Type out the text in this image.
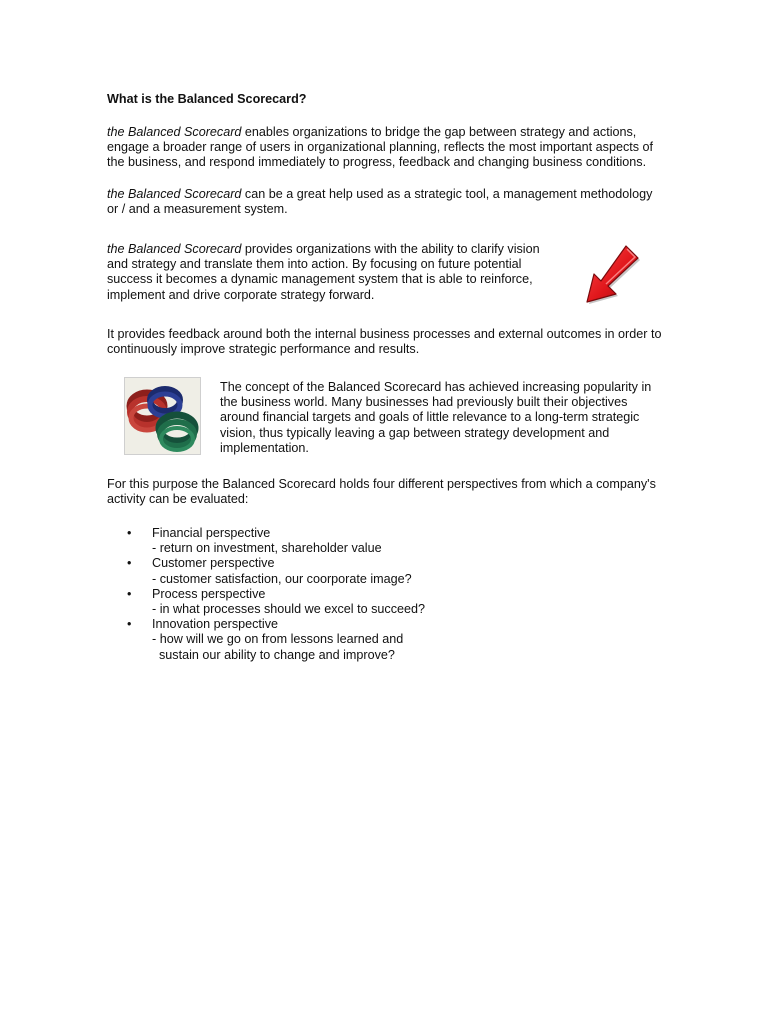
What is the Balanced Scorecard?

the Balanced Scorecard enables organizations to bridge the gap between strategy and actions, engage a broader range of users in organizational planning, reflects the most important aspects of the business, and respond immediately to progress, feedback and changing business conditions.

the Balanced Scorecard can be a great help used as a strategic tool, a management methodology or / and a measurement system.

the Balanced Scorecard provides organizations with the ability to clarify vision and strategy and translate them into action. By focusing on future potential success it becomes a dynamic management system that is able to reinforce, implement and drive corporate strategy forward.

It provides feedback around both the internal business processes and external outcomes in order to continuously improve strategic performance and results.

The concept of the Balanced Scorecard has achieved increasing popularity in the business world. Many businesses had previously built their objectives around financial targets and goals of little relevance to a long-term strategic vision, thus typically leaving a gap between strategy development and implementation.

For this purpose the Balanced Scorecard holds four different perspectives from which a company's activity can be evaluated:

• Financial perspective
- return on investment, shareholder value
• Customer perspective
- customer satisfaction, our coorporate image?
• Process perspective
- in what processes should we excel to succeed?
• Innovation perspective
- how will we go on from lessons learned and
sustain our ability to change and improve?
